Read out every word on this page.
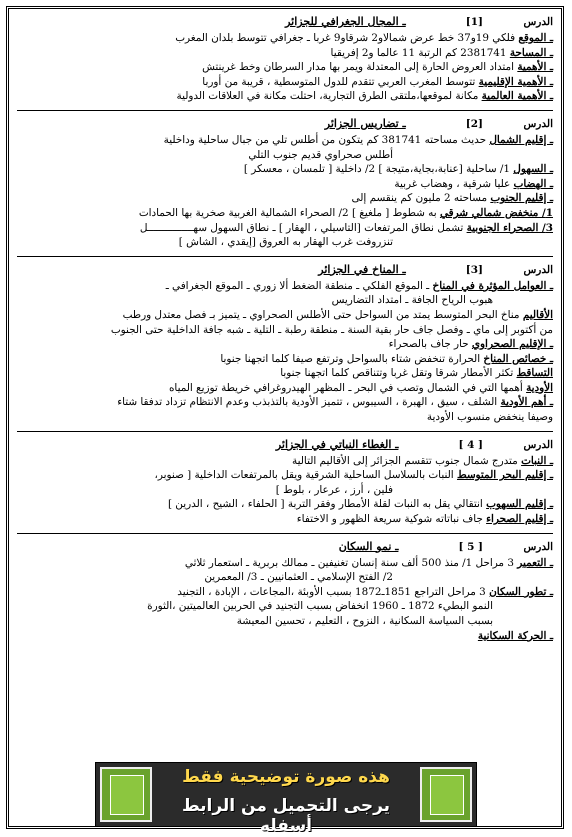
الدرس
[1]
ـ المجال الجغرافي للجزائر
ـ الموقع فلكي 19و37 خط عرض شمالاو2 شرقاو9 غربا ـ جغرافي تتوسط بلدان المغرب
ـ المساحة 2381741 كم الرتبة 11 عالما و2 إفريقيا
ـ الأهمية امتداد العروض الحارة إلى المعتدلة ويمر بها مدار السرطان وخط غرينتش
ـ الأهمية الإقليمية تتوسط المغرب العربي تتقدم للدول المتوسطية ، قريبة من أوربا
ـ الأهمية العالمية مكانة لموقعها،ملتقى الطرق التجارية، احتلت مكانة في العلاقات الدولية
الدرس
[2]
ـ تضاريس الجزائر
ـ إقليم الشمال حديث مساحته 381741 كم يتكون من أطلس تلي من جبال ساحلية وداخلية
أطلس صحراوي قديم جنوب التلي
ـ السهول 1/ ساحلية [عنابة،بجاية،متيجة ] 2/ داخلية [ تلمسان ، معسكر ]
ـ الهضاب عليا شرقية ، وهضاب غربية
ـ إقليم الجنوب مساحته 2 مليون كم ينقسم إلى
1/ منخفض شمالي شرقي به شطوط [ ملغيغ ] 2/ الصحراء الشمالية الغربية صخرية بها الحمادات
3/ الصحراء الجنوبية تشمل نطاق المرتفعات [التاسيلي ، الهقار ] ـ نطاق السهول سهـــــــــــــــل
تنزروفت غرب الهقار به العروق [إيقدي ، الشاش ]
الدرس
[3]
ـ المناخ في الجزائر
ـ العوامل المؤثرة في المناخ ـ الموقع الفلكي ـ منطقة الضغط ألا زوري ـ الموقع الجغرافي ـ
هبوب الرياح الجافة ـ امتداد التضاريس
الأقاليم مناخ البحر المتوسط يمتد من السواحل حتى الأطلس الصحراوي ـ يتميز بـ فصل معتدل ورطب
من أكتوبر إلى ماي ـ وفصل جاف حار بقية السنة ـ منطقة رطبة ـ التلية ـ شبه جافة الداخلية حتى الجنوب
ـ الإقليم الصحراوي حار جاف بالصحراء
ـ خصائص المناخ الحرارة تنخفض شتاء بالسواحل وترتفع صيفا كلما اتجهنا جنوبا
التساقط تكثر الأمطار شرقا وتقل غربا وتتناقص كلما اتجهنا جنوبا
الأودية أهمها التي في الشمال وتصب في البحر ـ المظهر الهيدروغرافي خريطة توزيع المياه
ـ أهم الأودية الشلف ، سيق ، الهبرة ، السيبوس ، تتميز الأودية بالتذبذب وعدم الانتظام تزداد تدفقا شتاء
وصيفا ينخفض منسوب الأودية
الدرس
[ 4 ]
ـ الغطاء النباتي في الجزائر
ـ النبات متدرج شمال جنوب تتقسم الجزائر إلى الأقاليم التالية
ـ إقليم البحر المتوسط النبات بالسلاسل الساحلية الشرقية ويقل بالمرتفعات الداخلية [ صنوبر،
فلين ، أرز ، عرعار ، بلوط ]
ـ إقليم السهوب انتقالي يقل به النبات لقلة الأمطار وفقر التربة [ الحلفاء ، الشيح ، الدرين ]
ـ إقليم الصحراء جاف نباتاته شوكية سريعة الظهور و الاختفاء
الدرس
[ 5 ]
ـ نمو السكان
ـ التعمير 3 مراحل 1/ منذ 500 ألف سنة إنسان تغنيفين ـ ممالك بربرية ـ استعمار ثلاثي
2/ الفتح الإسلامي ـ العثمانيين ـ 3/ المعمرين
ـ تطور السكان 3 مراحل التراجع 1851ـ1872 بسبب الأوبئة ،المجاعات ، الإبادة ، التجنيد
النمو البطيء 1872 ـ 1960 انخفاض بسبب التجنيد في الحربين العالميتين ،الثورة
بسبب السياسة السكانية ، النزوح ، التعليم ، تحسين المعيشة
ـ الحركة السكانية
هذه صورة توضيحية فقط
يرجى التحميل من الرابط أسفله
